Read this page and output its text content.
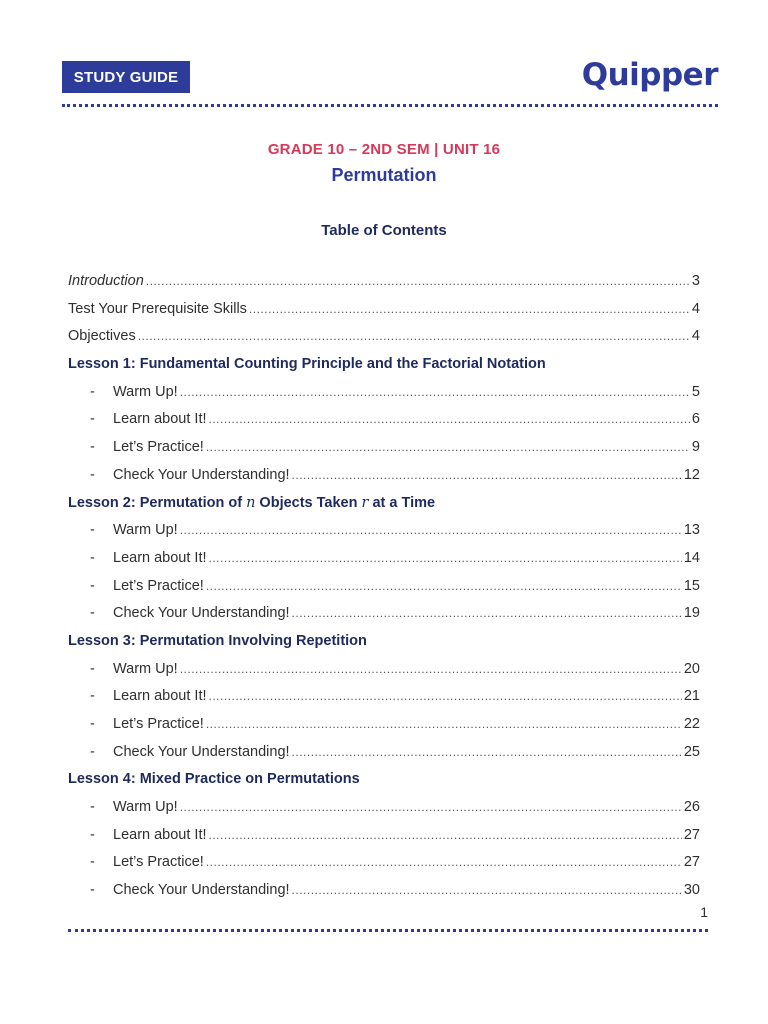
STUDY GUIDE	Quipper
GRADE 10 – 2ND SEM | UNIT 16
Permutation
Table of Contents
Introduction .....	3
Test Your Prerequisite Skills .....	4
Objectives .....	4
Lesson 1: Fundamental Counting Principle and the Factorial Notation
-	Warm Up! .....	5
-	Learn about It! .....	6
-	Let’s Practice! .....	9
-	Check Your Understanding! .....	12
Lesson 2: Permutation of n Objects Taken r at a Time
-	Warm Up! .....	13
-	Learn about It! .....	14
-	Let’s Practice! .....	15
-	Check Your Understanding! .....	19
Lesson 3: Permutation Involving Repetition
-	Warm Up! .....	20
-	Learn about It! .....	21
-	Let’s Practice! .....	22
-	Check Your Understanding! .....	25
Lesson 4: Mixed Practice on Permutations
-	Warm Up! .....	26
-	Learn about It! .....	27
-	Let’s Practice! .....	27
-	Check Your Understanding! .....	30
1
